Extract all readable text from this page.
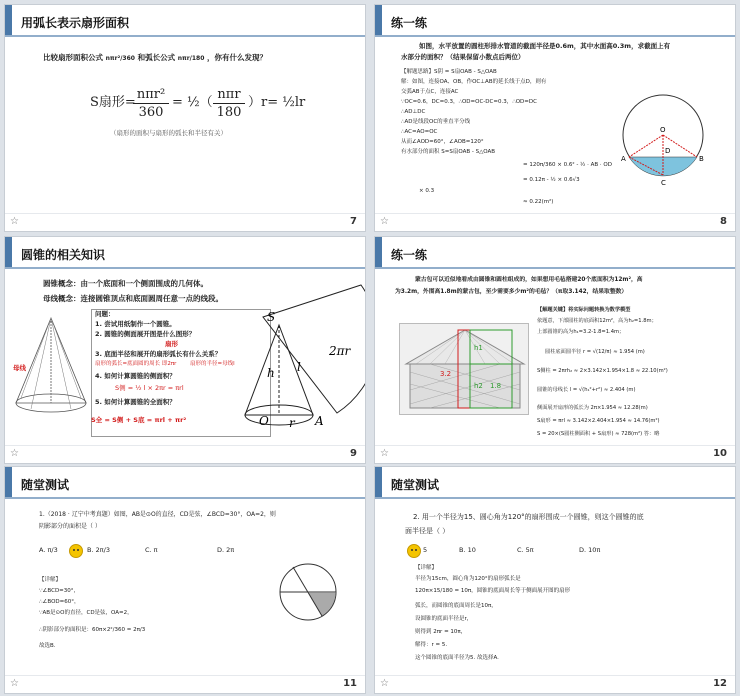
用弧长表示扇形面积
比较扇形面积公式 nπr²/360 和弧长公式 nπr/180 ，你有什么发现？
S扇形=
nπr²
360
= ½（
nπr
180
）r= ½lr
（扇形的面积与扇形的弧长和半径有关）
☆	7
练一练
如图，水平放置的圆柱形排水管道的截面半径是0.6m，其中水面高0.3m，求截面上有
水部分的面积？（结果保留小数点后两位）
【解题思路】S阴 = S扇OAB - S△OAB
解：如图，连接OA、OB，作OC⊥AB的延长线于点D，则有
交弧AB于点C，连接AC
∵OC=0.6，DC=0.3，∴OD=OC-DC=0.3，∴OD=DC
∴AD⊥DC
∴AD是线段OC的垂直平分线
∴AC=AO=OC
从而∠AOD=60°，∠AOB=120°
有水部分的面积 S=S扇OAB - S△OAB
= 120π/360 × 0.6² - ½ · AB · OD
= 0.12π - ½ × 0.6√3
× 0.3
≈ 0.22(m²)
O
B
A
C
D
☆	8
圆锥的相关知识
圆锥概念：由一个底面和一个侧面围成的几何体。
母线概念：连接圆锥顶点和底面圆周任意一点的线段。
母线
问题：
1. 尝试用纸制作一个圆锥。
2. 圆锥的侧面展开图是什么图形？
扇形
3. 底面半径和展开的扇形弧长有什么关系？
扇形的弧长=底面圆的周长 即2πr 扇形的半径=母线l
4. 如何计算圆锥的侧面积？
S侧 = ½ l × 2πr = πrl
5. 如何计算圆锥的全面积？
S全 = S侧 + S底 = πrl + πr²
S
h l
O r A
2πr
☆	9
练一练
蒙古包可以近似地看成由圆锥和圆柱组成的，如果想用毛毡搭建20个底面积为12m²，高
为3.2m，外围高1.8m的蒙古包，至少需要多少m²的毛毡？（π取3.142，结果取整数）
3.2
h1
h2 1.8
【解题关键】将实际问题转换为数学模型
依题意，下部圆柱的底面积12m²，高为h₂=1.8m；
上部圆锥的高为h₁=3.2-1.8=1.4m；
圆柱底面圆半径 r = √(12/π) ≈ 1.954 (m)
S侧柱 = 2πrh₂ ≈ 2×3.142×1.954×1.8 ≈ 22.10(m²)
圆锥的母线长 l = √(h₁²+r²) ≈ 2.404 (m)
侧面展开扇形的弧长为 2π×1.954 ≈ 12.28(m)
S扇形 = πrl ≈ 3.142×2.404×1.954 ≈ 14.76(m²)
S = 20×(S圆柱侧面积 + S扇形) ≈ 728(m²) 答：略
☆	10
随堂测试
1.（2018 · 辽宁中考真题）如图，AB是⊙O的直径，CD是弦，∠BCD=30°，OA=2，则
阴影部分的面积是（ ）
A. π/3	B. 2π/3	C. π	D. 2π
【详解】
∵∠BCD=30°，
∴∠BOD=60°，
∵AB是⊙O的直径，CD是弦，OA=2，
∴阴影部分的面积是：60π×2²/360 = 2π/3
故选B.
☆	11
随堂测试
2. 用一个半径为15、圆心角为120°的扇形围成一个圆锥，则这个圆锥的底
面半径是（ ）
5	B. 10	C. 5π	D. 10π
【详解】
半径为15cm，圆心角为120°的扇形弧长是
120π×15/180 = 10π，圆锥的底面周长等于侧面展开图的扇形
弧长，而圆锥的底面周长是10π，
设圆锥的底面半径是r，
则得到 2πr = 10π，
解得：r = 5.
这个圆锥的底面半径为5. 故选择A.
☆	12
